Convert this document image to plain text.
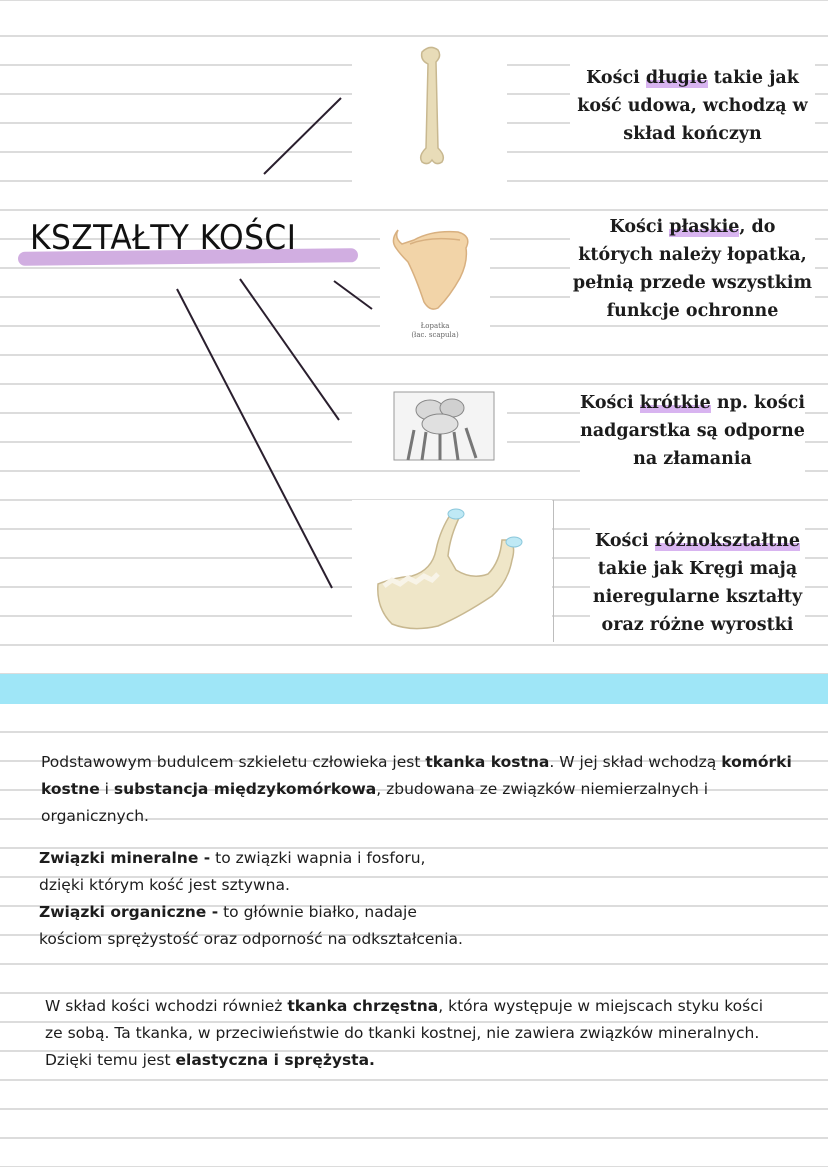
KSZTAŁTY KOŚCI
Łopatka
(łac. scapula)
Kości długie takie jak kość udowa, wchodzą w skład kończyn
Kości płaskie, do których należy łopatka, pełnią przede wszystkim funkcje ochronne
Kości krótkie np. kości nadgarstka są odporne na złamania
Kości różnokształtne takie jak Kręgi mają nieregularne kształty oraz różne wyrostki
Podstawowym budulcem szkieletu człowieka jest tkanka kostna. W jej skład wchodzą komórki kostne i substancja międzykomórkowa, zbudowana ze związków niemierzalnych i organicznych.
Związki mineralne - to związki wapnia i fosforu,
dzięki którym kość jest sztywna.
Związki organiczne - to głównie białko, nadaje
kościom sprężystość oraz odporność na odkształcenia.
W skład kości wchodzi również tkanka chrzęstna, która występuje w miejscach styku kości ze sobą. Ta tkanka, w przeciwieństwie do tkanki kostnej, nie zawiera związków mineralnych. Dzięki temu jest elastyczna i sprężysta.
